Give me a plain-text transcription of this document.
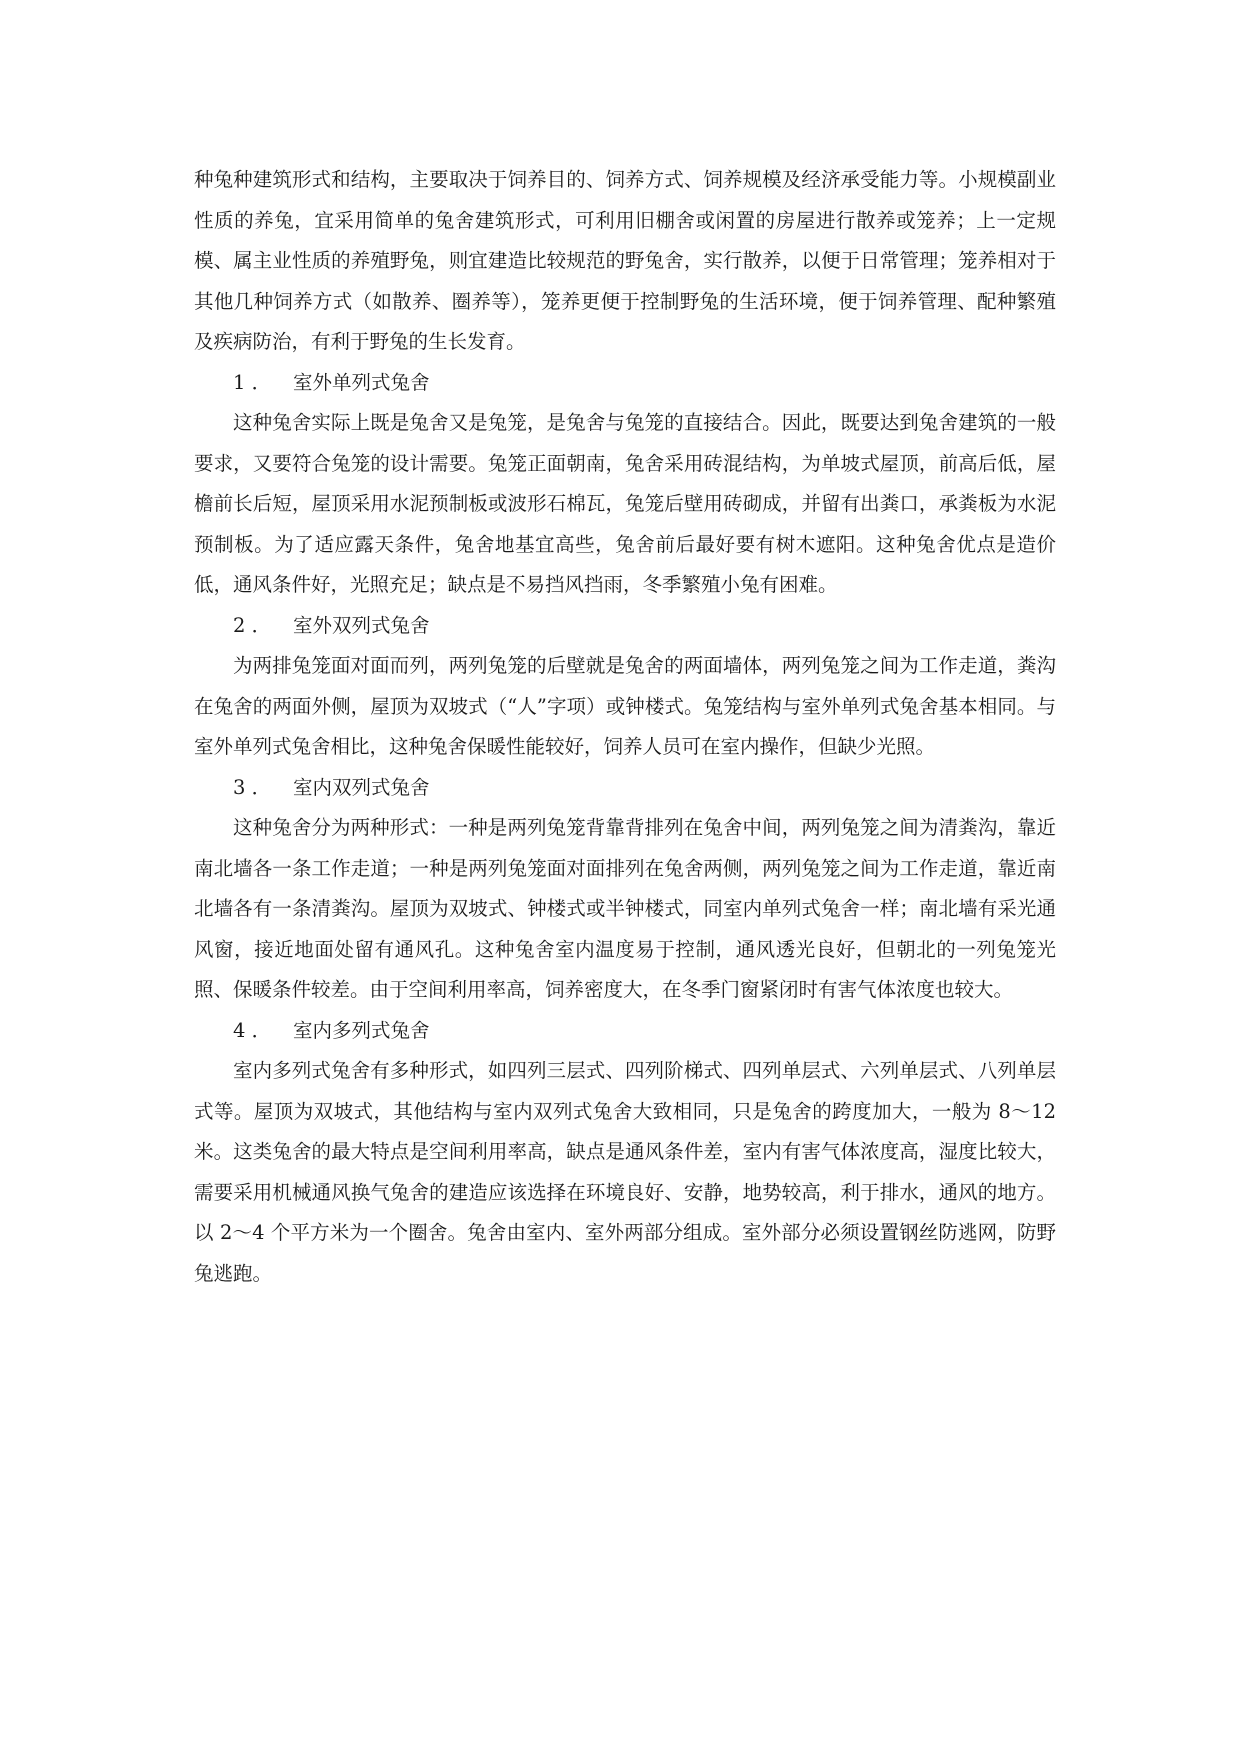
种兔种建筑形式和结构，主要取决于饲养目的、饲养方式、饲养规模及经济承受能力等。小规模副业性质的养兔，宜采用简单的兔舍建筑形式，可利用旧棚舍或闲置的房屋进行散养或笼养；上一定规模、属主业性质的养殖野兔，则宜建造比较规范的野兔舍，实行散养，以便于日常管理；笼养相对于其他几种饲养方式（如散养、圈养等），笼养更便于控制野兔的生活环境，便于饲养管理、配种繁殖及疾病防治，有利于野兔的生长发育。

1 ． 室外单列式兔舍

这种兔舍实际上既是兔舍又是兔笼，是兔舍与兔笼的直接结合。因此，既要达到兔舍建筑的一般要求，又要符合兔笼的设计需要。兔笼正面朝南，兔舍采用砖混结构，为单坡式屋顶，前高后低，屋檐前长后短，屋顶采用水泥预制板或波形石棉瓦，兔笼后壁用砖砌成，并留有出粪口，承粪板为水泥预制板。为了适应露天条件，兔舍地基宜高些，兔舍前后最好要有树木遮阳。这种兔舍优点是造价低，通风条件好，光照充足；缺点是不易挡风挡雨，冬季繁殖小兔有困难。

2 ． 室外双列式兔舍

为两排兔笼面对面而列，两列兔笼的后壁就是兔舍的两面墙体，两列兔笼之间为工作走道，粪沟在兔舍的两面外侧，屋顶为双坡式（“人”字项）或钟楼式。兔笼结构与室外单列式兔舍基本相同。与室外单列式兔舍相比，这种兔舍保暖性能较好，饲养人员可在室内操作，但缺少光照。

3 ． 室内双列式兔舍

这种兔舍分为两种形式：一种是两列兔笼背靠背排列在兔舍中间，两列兔笼之间为清粪沟，靠近南北墙各一条工作走道；一种是两列兔笼面对面排列在兔舍两侧，两列兔笼之间为工作走道，靠近南北墙各有一条清粪沟。屋顶为双坡式、钟楼式或半钟楼式，同室内单列式兔舍一样；南北墙有采光通风窗，接近地面处留有通风孔。这种兔舍室内温度易于控制，通风透光良好，但朝北的一列兔笼光照、保暖条件较差。由于空间利用率高，饲养密度大，在冬季门窗紧闭时有害气体浓度也较大。

4 ． 室内多列式兔舍

室内多列式兔舍有多种形式，如四列三层式、四列阶梯式、四列单层式、六列单层式、八列单层式等。屋顶为双坡式，其他结构与室内双列式兔舍大致相同，只是兔舍的跨度加大，一般为 8～12 米。这类兔舍的最大特点是空间利用率高，缺点是通风条件差，室内有害气体浓度高，湿度比较大，需要采用机械通风换气兔舍的建造应该选择在环境良好、安静，地势较高，利于排水，通风的地方。以 2～4 个平方米为一个圈舍。兔舍由室内、室外两部分组成。室外部分必须设置钢丝防逃网，防野兔逃跑。
